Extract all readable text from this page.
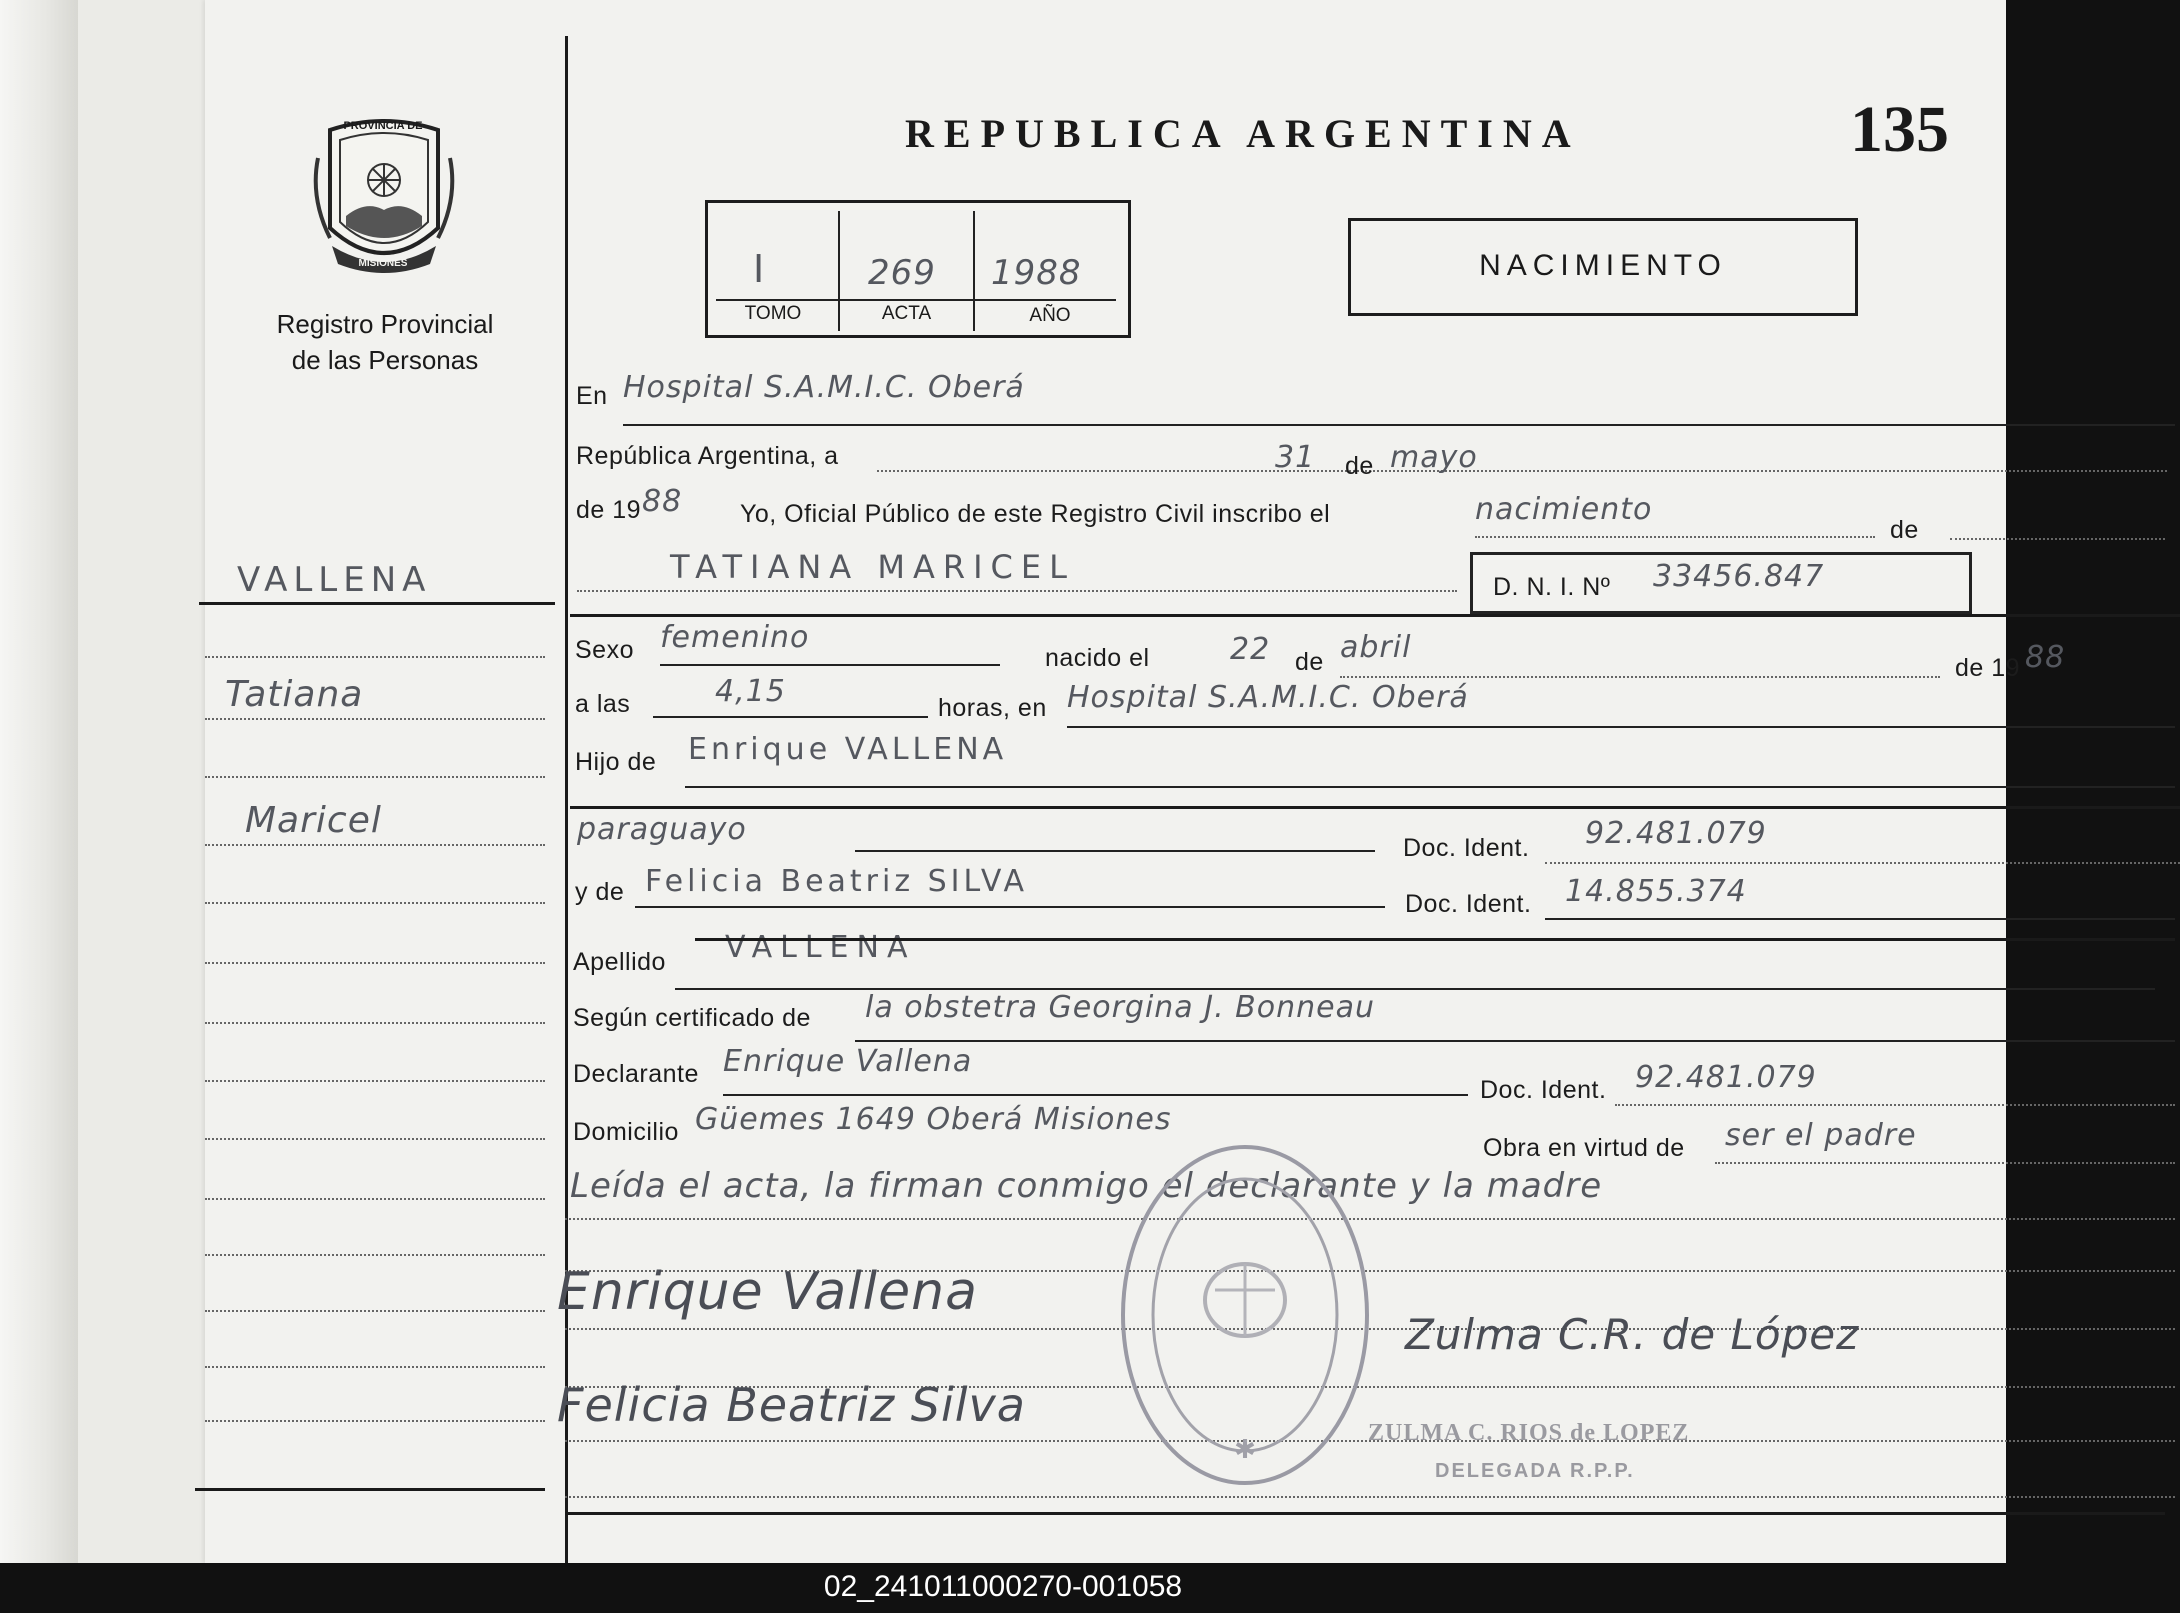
PROVINCIA DE
MISIONES
Registro Provincial
de las Personas
VALLENA
Tatiana
Maricel
REPUBLICA ARGENTINA	135
I	269 1988
TOMO	ACTA	AÑO
NACIMIENTO
En Hospital S.A.M.I.C. Oberá
República Argentina, a	31 de mayo
de 19 88 Yo, Oficial Público de este Registro Civil inscribo el	nacimiento
de
TATIANA MARICEL
D. N. I. Nº 33456.847
Sexo femenino
nacido el	22 de abril
de 19 88
a las	4,15	horas, en Hospital S.A.M.I.C. Oberá
Hijo de Enrique VALLENA
paraguayo
Doc. Ident. 92.481.079
y de Felicia Beatriz SILVA
Doc. Ident. 14.855.374
Apellido VALLENA
Según certificado de la obstetra Georgina J. Bonneau
Declarante Enrique Vallena
Doc. Ident. 92.481.079
Domicilio Güemes 1649 Oberá Misiones
Obra en virtud de ser el padre
Leída el acta, la firman conmigo el declarante y la madre
✱
Enrique Vallena
Felicia Beatriz Silva
Zulma C.R. de López
ZULMA C. RIOS de LOPEZ
DELEGADA R.P.P.
02_241011000270-001058
